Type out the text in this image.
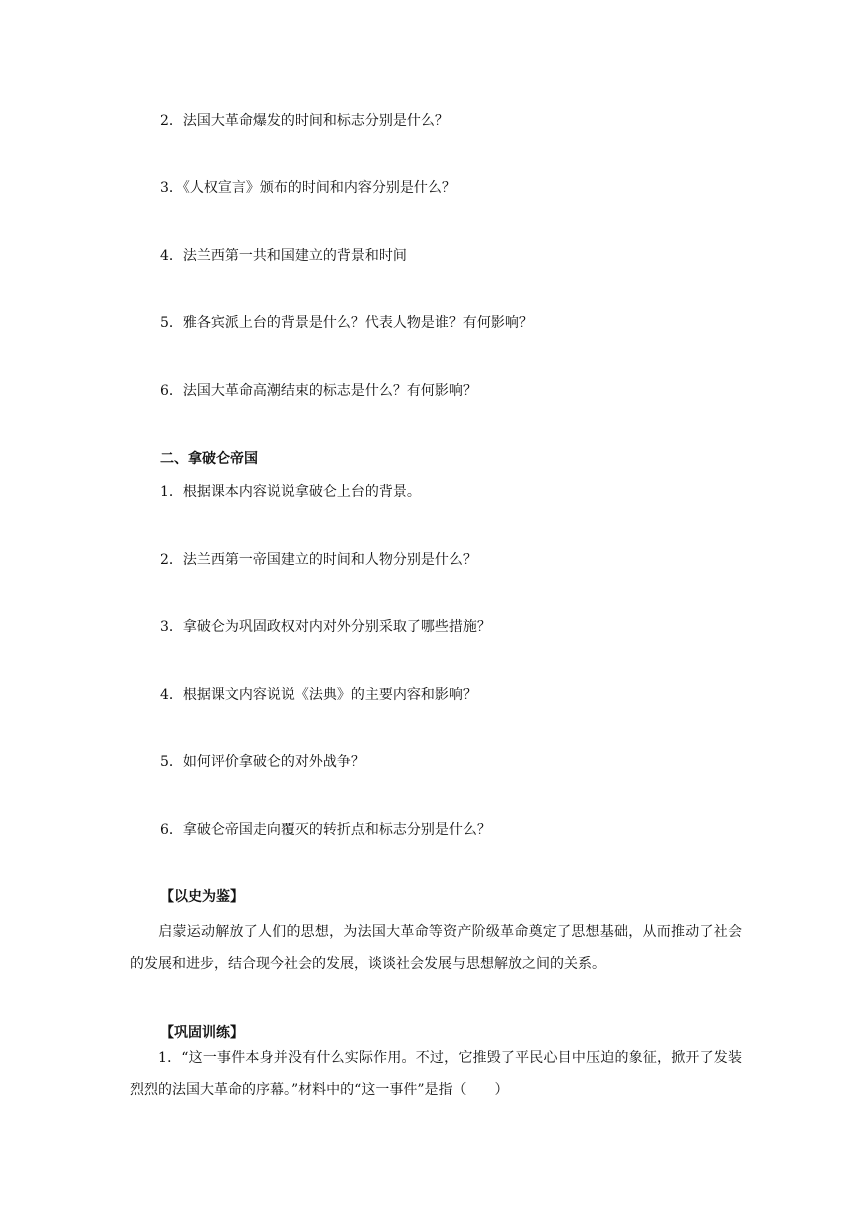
2．法国大革命爆发的时间和标志分别是什么？
3．《人权宣言》颁布的时间和内容分别是什么？
4．法兰西第一共和国建立的背景和时间
5．雅各宾派上台的背景是什么？代表人物是谁？有何影响？
6．法国大革命高潮结束的标志是什么？有何影响？
二、拿破仑帝国
1．根据课本内容说说拿破仑上台的背景。
2．法兰西第一帝国建立的时间和人物分别是什么？
3．拿破仑为巩固政权对内对外分别采取了哪些措施？
4．根据课文内容说说《法典》的主要内容和影响？
5．如何评价拿破仑的对外战争？
6．拿破仑帝国走向覆灭的转折点和标志分别是什么？
【以史为鉴】
启蒙运动解放了人们的思想，为法国大革命等资产阶级革命奠定了思想基础，从而推动了社会的发展和进步，结合现今社会的发展，谈谈社会发展与思想解放之间的关系。
【巩固训练】
1．“这一事件本身并没有什么实际作用。不过，它推毁了平民心目中压迫的象征，掀开了发装烈烈的法国大革命的序幕。”材料中的“这一事件”是指（　　）
